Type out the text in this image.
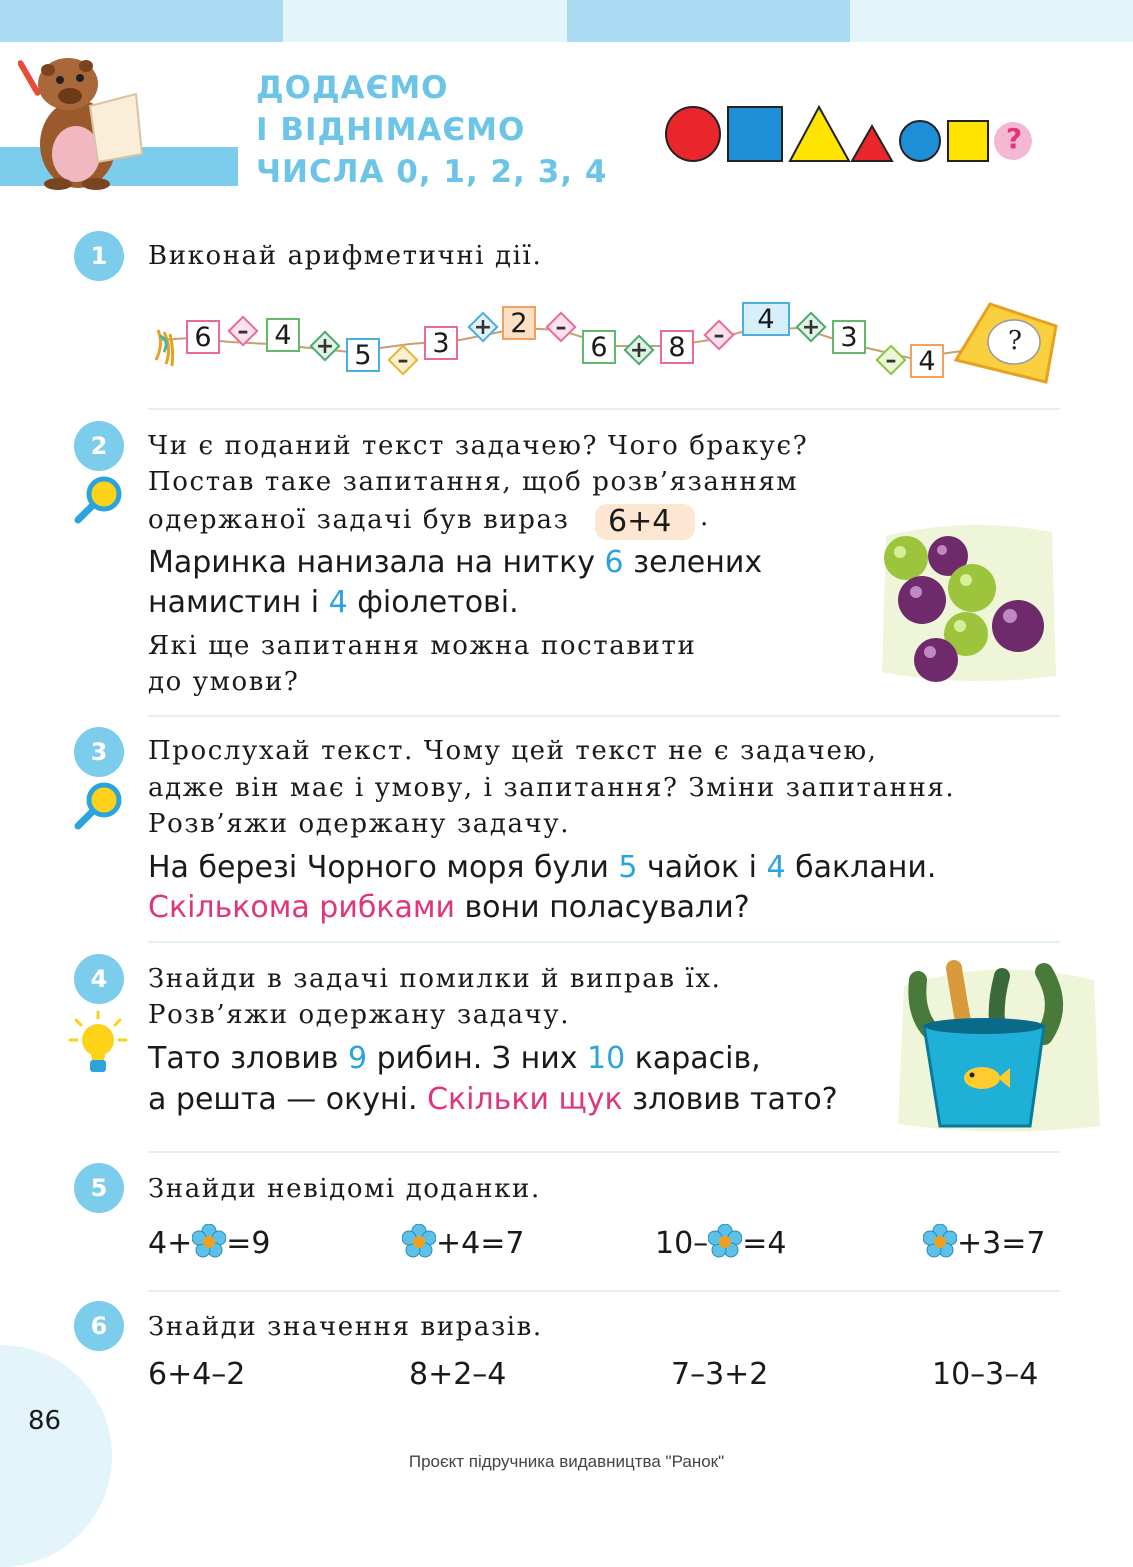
ДОДАЄМО
І ВІДНІМАЄМО
ЧИСЛА 0, 1, 2, 3, 4
?
1	Виконай арифметичні дії.
6	– 4	+ 5	–
3
+ 2	–
6	+ 8	–
4	+ 3
– 4
?
2	Чи є поданий текст задачею? Чого бракує?
Постав таке запитання, щоб розв’язанням
одержаної задачі був вираз 6+4 .
Маринка нанизала на нитку 6 зелених
намистин і 4 фіолетові.
Які ще запитання можна поставити
до умови?
3	Прослухай текст. Чому цей текст не є задачею,
адже він має і умову, і запитання? Зміни запитання.
Розв’яжи одержану задачу.
На березі Чорного моря були 5 чайок і 4 баклани.
Скількома рибками вони поласували?
4	Знайди в задачі помилки й виправ їх.
Розв’яжи одержану задачу.
Тато зловив 9 рибин. З них 10 карасів,
а решта — окуні. Скільки щук зловив тато?
5	Знайди невідомі доданки.
4+ =9	+4=7	10– =4	+3=7
6	Знайди значення виразів.
6+4–2	8+2–4	7–3+2	10–3–4
86
Проєкт підручника видавництва "Ранок"
